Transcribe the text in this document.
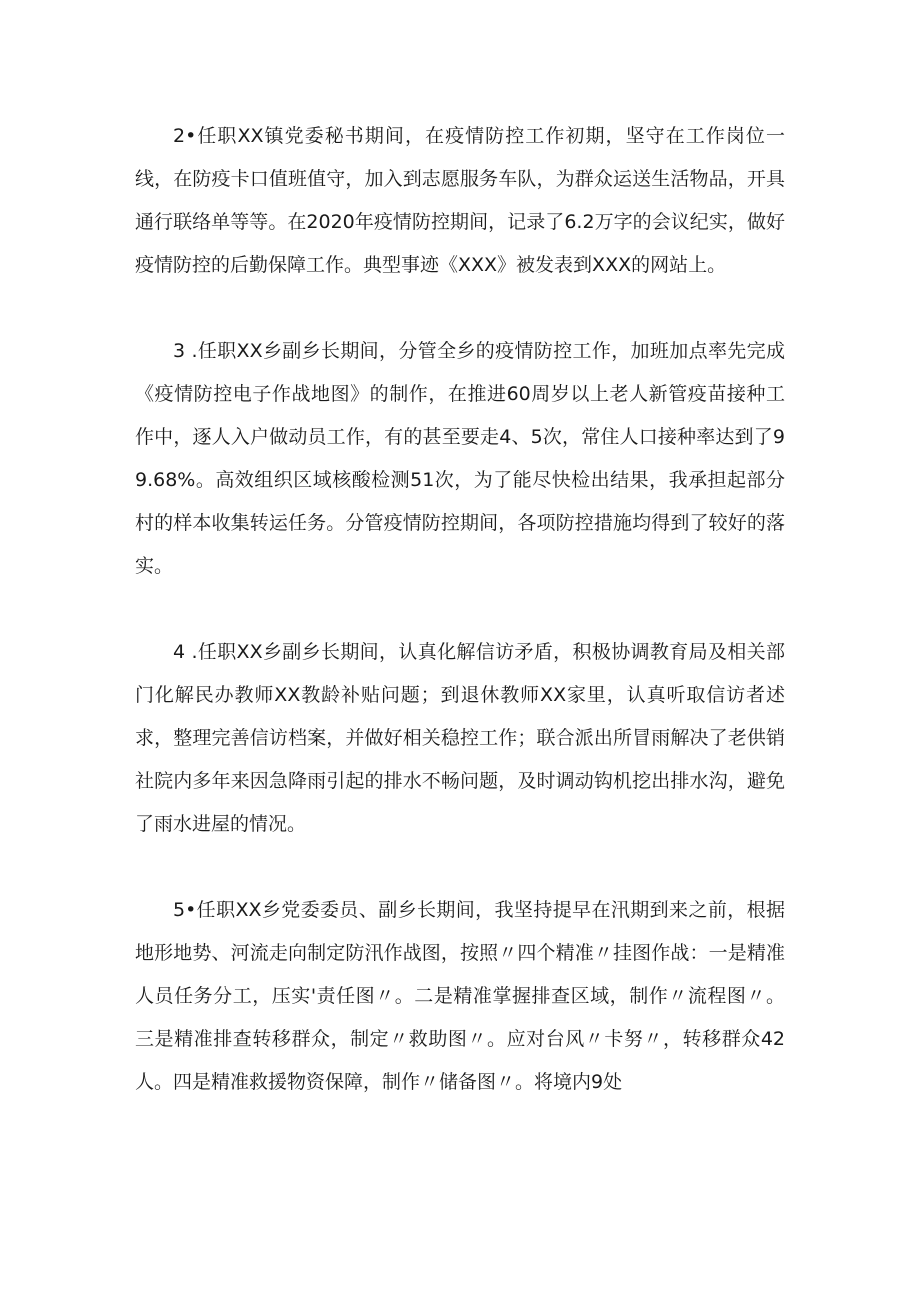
2•任职XX镇党委秘书期间，在疫情防控工作初期，坚守在工作岗位一线，在防疫卡口值班值守，加入到志愿服务车队，为群众运送生活物品，开具通行联络单等等。在2020年疫情防控期间，记录了6.2万字的会议纪实，做好疫情防控的后勤保障工作。典型事迹《XXX》被发表到XXX的网站上。

3 .任职XX乡副乡长期间，分管全乡的疫情防控工作，加班加点率先完成《疫情防控电子作战地图》的制作，在推进60周岁以上老人新管疫苗接种工作中，逐人入户做动员工作，有的甚至要走4、5次，常住人口接种率达到了99.68%。高效组织区域核酸检测51次，为了能尽快检出结果，我承担起部分村的样本收集转运任务。分管疫情防控期间，各项防控措施均得到了较好的落实。

4 .任职XX乡副乡长期间，认真化解信访矛盾，积极协调教育局及相关部门化解民办教师XX教龄补贴问题；到退休教师XX家里，认真听取信访者述求，整理完善信访档案，并做好相关稳控工作；联合派出所冒雨解决了老供销社院内多年来因急降雨引起的排水不畅问题，及时调动钩机挖出排水沟，避免了雨水进屋的情况。

5•任职XX乡党委委员、副乡长期间，我坚持提早在汛期到来之前，根据地形地势、河流走向制定防汛作战图，按照〃四个精准〃挂图作战：一是精准人员任务分工，压实'责任图〃。二是精准掌握排查区域，制作〃流程图〃。三是精准排查转移群众，制定〃救助图〃。应对台风〃卡努〃，转移群众42人。四是精准救援物资保障，制作〃储备图〃。将境内9处
